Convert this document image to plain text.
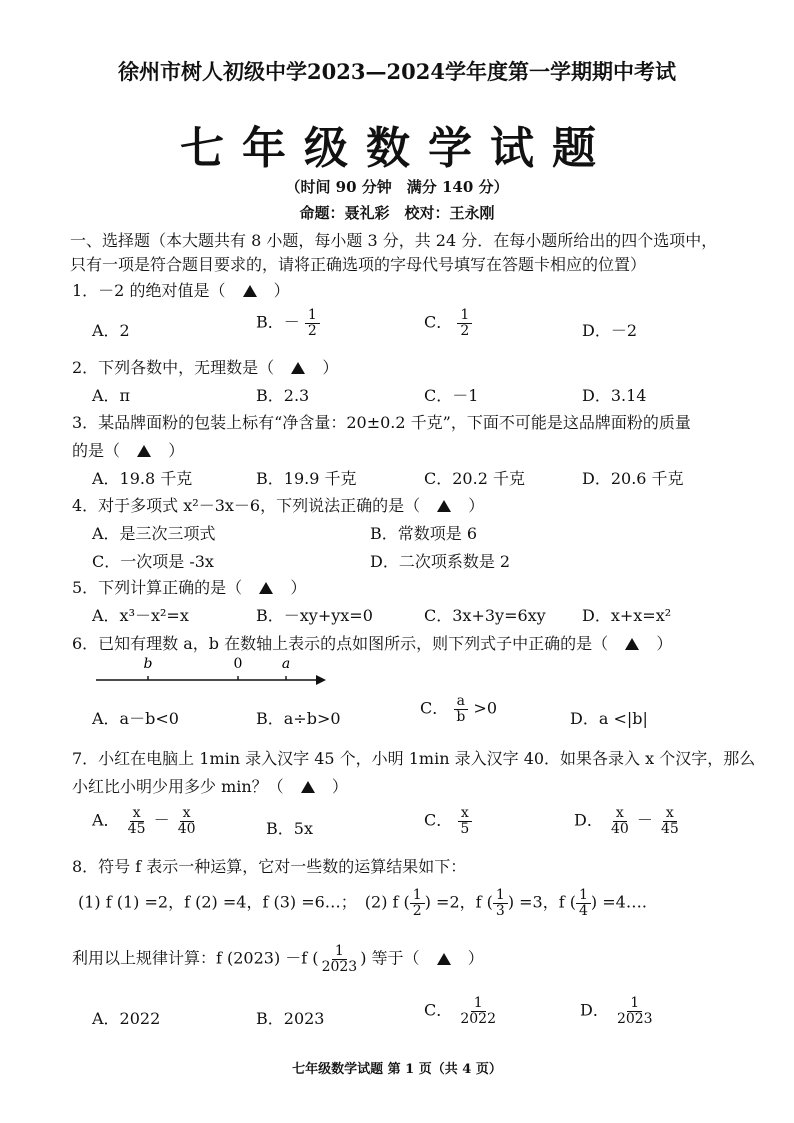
徐州市树人初级中学2023—2024学年度第一学期期中考试
七年级数学试题
（时间 90 分钟　满分 140 分）
命题：聂礼彩　校对：王永刚
一、选择题（本大题共有 8 小题，每小题 3 分，共 24 分．在每小题所给出的四个选项中，
只有一项是符合题目要求的，请将正确选项的字母代号填写在答题卡相应的位置）
1．－2 的绝对值是（	）
A．2	B．－ $\frac{1}{2}$	C． $\frac{1}{2}$	D．－2
2．下列各数中，无理数是（	）
A．π	B．2.3	C．－1	D．3.14
3．某品牌面粉的包装上标有“净含量：20±0.2 千克”，下面不可能是这品牌面粉的质量
的是（	）
A．19.8 千克	B．19.9 千克	C．20.2 千克	D．20.6 千克
4．对于多项式 x²－3x－6，下列说法正确的是（	）
A．是三次三项式	B．常数项是 6
C．一次项是 -3x	D．二次项系数是 2
5．下列计算正确的是（	）
A．x³－x²=x	B．－xy+yx=0	C．3x+3y=6xy D．x+x=x²
6．已知有理数 a，b 在数轴上表示的点如图所示，则下列式子中正确的是（	）
b	0	a
A．a－b<0	B．a÷b>0
C． $\frac{a}{b} >0$
D．a <|b|
7．小红在电脑上 1min 录入汉字 45 个，小明 1min 录入汉字 40．如果各录入 x 个汉字，那么
小红比小明少用多少 min？（	）
A． $\frac{x}{45} - \frac{x}{40}$	B．5x	C． $\frac{x}{5}$	D． $\frac{x}{40} - \frac{x}{45}$
8．符号 f 表示一种运算，它对一些数的运算结果如下：
(1) f (1) =2，f (2) =4，f (3) =6…；　(2) f ( $\frac{1}{2}$ ) =2，f ( $\frac{1}{3}$ ) =3，f ( $\frac{1}{4}$ ) =4….
利用以上规律计算：f (2023) －f ( $\frac{1}{2023}$ ) 等于（	）
A．2022	B．2023	C． $\frac{1}{2022}$	D． $\frac{1}{2023}$
七年级数学试题 第 1 页（共 4 页）
